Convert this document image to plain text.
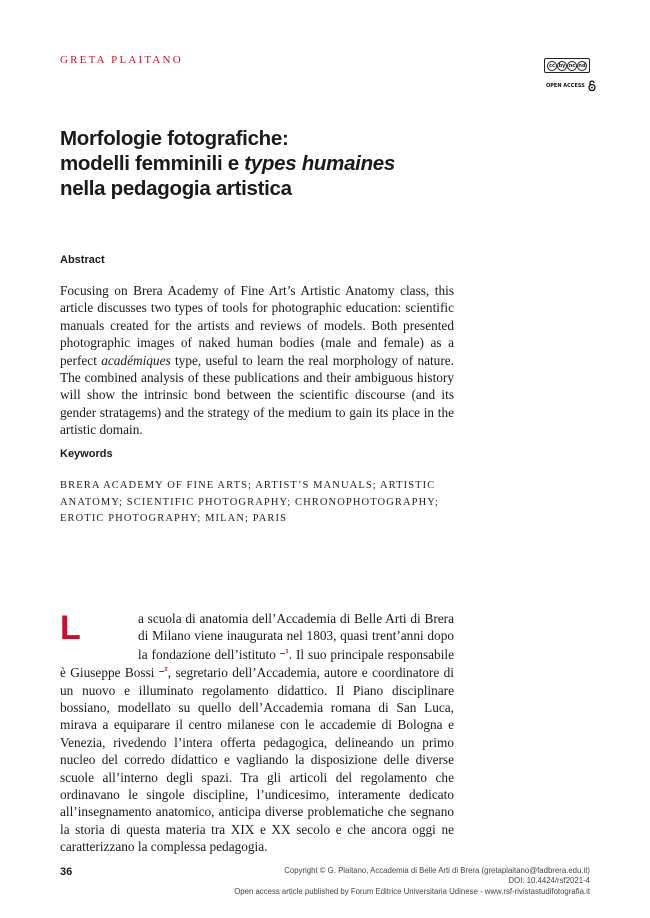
GRETA PLAITANO	cc by nc nd
OPEN ACCESS
Morfologie fotografiche:
modelli femminili e types humaines
nella pedagogia artistica
Abstract

Focusing on Brera Academy of Fine Art’s Artistic Anatomy class, this article discusses two types of tools for photographic education: scientific manuals created for the artists and reviews of models. Both presented photographic images of naked human bodies (male and female) as a perfect académiques type, useful to learn the real morphology of nature. The combined analysis of these publications and their ambiguous history will show the intrinsic bond between the scientific discourse (and its gender stratagems) and the strategy of the medium to gain its place in the artistic domain.

Keywords

BRERA ACADEMY OF FINE ARTS; ARTIST’S MANUALS; ARTISTIC ANATOMY; SCIENTIFIC PHOTOGRAPHY; CHRONOPHOTOGRAPHY; EROTIC PHOTOGRAPHY; MILAN; PARIS

L	a scuola di anatomia dell’Accademia di Belle Arti di Brera di Milano viene inaugurata nel 1803, quasi trent’anni dopo la fondazione dell’istituto $^{-^1}$. Il suo principale responsabile è Giuseppe Bossi $^{-^2}$, segretario dell’Accademia, autore e coordinatore di un nuovo e illuminato regolamento didattico. Il Piano disciplinare bossiano, modellato su quello dell’Accademia romana di San Luca, mirava a equiparare il centro milanese con le accademie di Bologna e Venezia, rivedendo l’intera offerta pedagogica, delineando un primo nucleo del corredo didattico e vagliando la disposizione delle diverse scuole all’interno degli spazi. Tra gli articoli del regolamento che ordinavano le singole discipline, l’undicesimo, interamente dedicato all’insegnamento anatomico, anticipa diverse problematiche che segnano la storia di questa materia tra XIX e XX secolo e che ancora oggi ne caratterizzano la complessa pedagogia.
36	Copyright © G. Plaitano, Accademia di Belle Arti di Brera (gretaplaitano@fadbrera.edu.it)
DOI: 10.4424/rsf2021-4
Open access article published by Forum Editrice Universitaria Udinese - www.rsf-rivistastudifotografia.it
